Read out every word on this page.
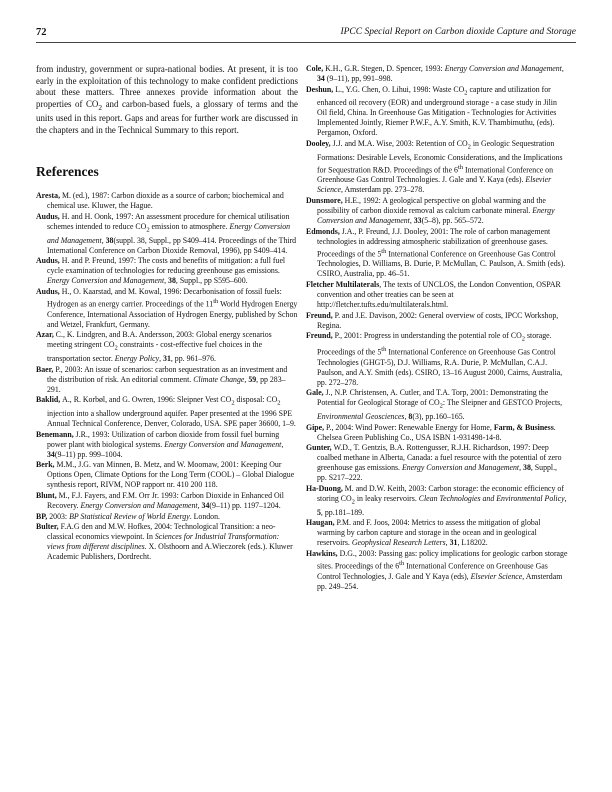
72	IPCC Special Report on Carbon dioxide Capture and Storage

from industry, government or supra-national bodies. At present, it is too early in the exploitation of this technology to make confident predictions about these matters. Three annexes provide information about the properties of $CO_2$ and carbon-based fuels, a glossary of terms and the units used in this report. Gaps and areas for further work are discussed in the chapters and in the Technical Summary to this report.

References

Aresta, M. (ed.), 1987: Carbon dioxide as a source of carbon; biochemical and chemical use. Kluwer, the Hague.

Audus, H. and H. Oonk, 1997: An assessment procedure for chemical utilisation schemes intended to reduce $CO_2$ emission to atmosphere. Energy Conversion and Management, 38(suppl. 38, Suppl., pp S409–414. Proceedings of the Third International Conference on Carbon Dioxide Removal, 1996), pp S409–414.

Audus, H. and P. Freund, 1997: The costs and benefits of mitigation: a full fuel cycle examination of technologies for reducing greenhouse gas emissions. Energy Conversion and Management, 38, Suppl., pp S595–600.

Audus, H., O. Kaarstad, and M. Kowal, 1996: Decarbonisation of fossil fuels: Hydrogen as an energy carrier. Proceedings of the 11th World Hydrogen Energy Conference, International Association of Hydrogen Energy, published by Schon and Wetzel, Frankfurt, Germany.

Azar, C., K. Lindgren, and B.A. Andersson, 2003: Global energy scenarios meeting stringent $CO_2$ constraints - cost-effective fuel choices in the transportation sector. Energy Policy, 31, pp. 961–976.

Baer, P., 2003: An issue of scenarios: carbon sequestration as an investment and the distribution of risk. An editorial comment. Climate Change, 59, pp 283–291.

Baklid, A., R. Korbøl, and G. Owren, 1996: Sleipner Vest $CO_2$ disposal: $CO_2$ injection into a shallow underground aquifer. Paper presented at the 1996 SPE Annual Technical Conference, Denver, Colorado, USA. SPE paper 36600, 1–9.

Benemann, J.R., 1993: Utilization of carbon dioxide from fossil fuel burning power plant with biological systems. Energy Conversion and Management, 34(9–11) pp. 999–1004.

Berk, M.M., J.G. van Minnen, B. Metz, and W. Moomaw, 2001: Keeping Our Options Open, Climate Options for the Long Term (COOL) – Global Dialogue synthesis report, RIVM, NOP rapport nr. 410 200 118.

Blunt, M., F.J. Fayers, and F.M. Orr Jr. 1993: Carbon Dioxide in Enhanced Oil Recovery. Energy Conversion and Management, 34(9–11) pp. 1197–1204.

BP, 2003: BP Statistical Review of World Energy. London.

Bulter, F.A.G den and M.W. Hofkes, 2004: Technological Transition: a neo-classical economics viewpoint. In Sciences for Industrial Transformation: views from different disciplines. X. Olsthoorn and A.Wieczorek (eds.). Kluwer Academic Publishers, Dordrecht.

Cole, K.H., G.R. Stegen, D. Spencer, 1993: Energy Conversion and Management, 34 (9–11), pp, 991–998.

Deshun, L., Y.G. Chen, O. Lihui, 1998: Waste $CO_2$ capture and utilization for enhanced oil recovery (EOR) and underground storage - a case study in Jilin Oil field, China. In Greenhouse Gas Mitigation - Technologies for Activities Implemented Jointly, Riemer P.W.F., A.Y. Smith, K.V. Thambimuthu, (eds). Pergamon, Oxford.

Dooley, J.J. and M.A. Wise, 2003: Retention of $CO_2$ in Geologic Sequestration Formations: Desirable Levels, Economic Considerations, and the Implications for Sequestration R&D. Proceedings of the 6th International Conference on Greenhouse Gas Control Technologies. J. Gale and Y. Kaya (eds). Elsevier Science, Amsterdam pp. 273–278.

Dunsmore, H.E., 1992: A geological perspective on global warming and the possibility of carbon dioxide removal as calcium carbonate mineral. Energy Conversion and Management, 33(5–8), pp. 565–572.

Edmonds, J.A., P. Freund, J.J. Dooley, 2001: The role of carbon management technologies in addressing atmospheric stabilization of greenhouse gases. Proceedings of the 5th International Conference on Greenhouse Gas Control Technologies, D. Williams, B. Durie, P. McMullan, C. Paulson, A. Smith (eds). CSIRO, Australia, pp. 46–51.

Fletcher Multilaterals, The texts of UNCLOS, the London Convention, OSPAR convention and other treaties can be seen at http://fletcher.tufts.edu/multilaterals.html.

Freund, P. and J.E. Davison, 2002: General overview of costs, IPCC Workshop, Regina.

Freund, P., 2001: Progress in understanding the potential role of $CO_2$ storage. Proceedings of the 5th International Conference on Greenhouse Gas Control Technologies (GHGT-5), D.J. Williams, R.A. Durie, P. McMullan, C.A.J. Paulson, and A.Y. Smith (eds). CSIRO, 13–16 August 2000, Cairns, Australia, pp. 272–278.

Gale, J., N.P. Christensen, A. Cutler, and T.A. Torp, 2001: Demonstrating the Potential for Geological Storage of $CO_2$: The Sleipner and GESTCO Projects, Environmental Geosciences, 8(3), pp.160–165.

Gipe, P., 2004: Wind Power: Renewable Energy for Home, Farm, & Business. Chelsea Green Publishing Co., USA ISBN 1-931498-14-8.

Gunter, W.D., T. Gentzis, B.A. Rottengusser, R.J.H. Richardson, 1997: Deep coalbed methane in Alberta, Canada: a fuel resource with the potential of zero greenhouse gas emissions. Energy Conversion and Management, 38, Suppl., pp. S217–222.

Ha-Duong, M. and D.W. Keith, 2003: Carbon storage: the economic efficiency of storing $CO_2$ in leaky reservoirs. Clean Technologies and Environmental Policy, 5, pp.181–189.

Haugan, P.M. and F. Joos, 2004: Metrics to assess the mitigation of global warming by carbon capture and storage in the ocean and in geological reservoirs. Geophysical Research Letters, 31, L18202.

Hawkins, D.G., 2003: Passing gas: policy implications for geologic carbon storage sites. Proceedings of the 6th International Conference on Greenhouse Gas Control Technologies, J. Gale and Y Kaya (eds), Elsevier Science, Amsterdam pp. 249–254.
